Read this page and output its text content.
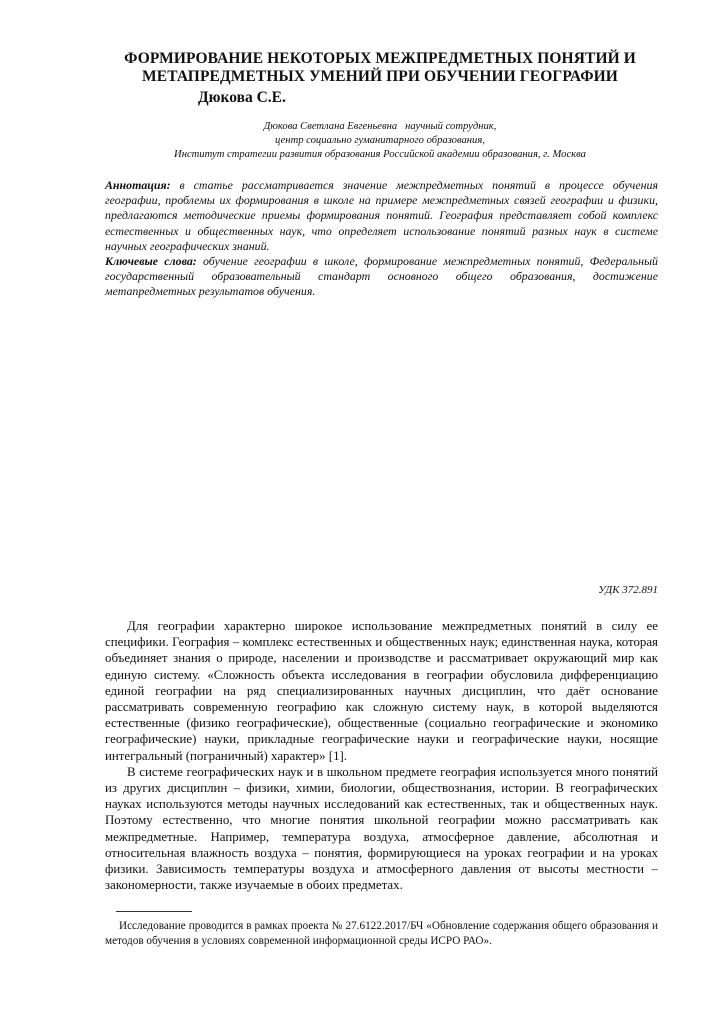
ФОРМИРОВАНИЕ НЕКОТОРЫХ МЕЖПРЕДМЕТНЫХ ПОНЯТИЙ И МЕТАПРЕДМЕТНЫХ УМЕНИЙ ПРИ ОБУЧЕНИИ ГЕОГРАФИИ
Дюкова С.Е.
Дюкова Светлана Евгеньевна   научный сотрудник,
центр социально гуманитарного образования,
Институт стратегии развития образования Российской академии образования, г. Москва

Аннотация: в статье рассматривается значение межпредметных понятий в процессе обучения географии, проблемы их формирования в школе на примере межпредметных связей географии и физики, предлагаются методические приемы формирования понятий. География представляет собой комплекс естественных и общественных наук, что определяет использование понятий разных наук в системе научных географических знаний.

Ключевые слова: обучение географии в школе, формирование межпредметных понятий, Федеральный государственный образовательный стандарт основного общего образования, достижение метапредметных результатов обучения.

УДК 372.891

Для географии характерно широкое использование межпредметных понятий в силу ее специфики. География – комплекс естественных и общественных наук; единственная наука, которая объединяет знания о природе, населении и производстве и рассматривает окружающий мир как единую систему. «Сложность объекта исследования в географии обусловила дифференциацию единой географии на ряд специализированных научных дисциплин, что даёт основание рассматривать современную географию как сложную систему наук, в которой выделяются естественные (физико географические), общественные (социально географические и экономико географические) науки, прикладные географические науки и географические науки, носящие интегральный (пограничный) характер» [1].

В системе географических наук и в школьном предмете география используется много понятий из других дисциплин – физики, химии, биологии, обществознания, истории. В географических науках используются методы научных исследований как естественных, так и общественных наук. Поэтому естественно, что многие понятия школьной географии можно рассматривать как межпредметные. Например, температура воздуха, атмосферное давление, абсолютная и относительная влажность воздуха – понятия, формирующиеся на уроках географии и на уроках физики. Зависимость температуры воздуха и атмосферного давления от высоты местности – закономерности, также изучаемые в обоих предметах.

Исследование проводится в рамках проекта № 27.6122.2017/БЧ «Обновление содержания общего образования и методов обучения в условиях современной информационной среды ИСРО РАО».
